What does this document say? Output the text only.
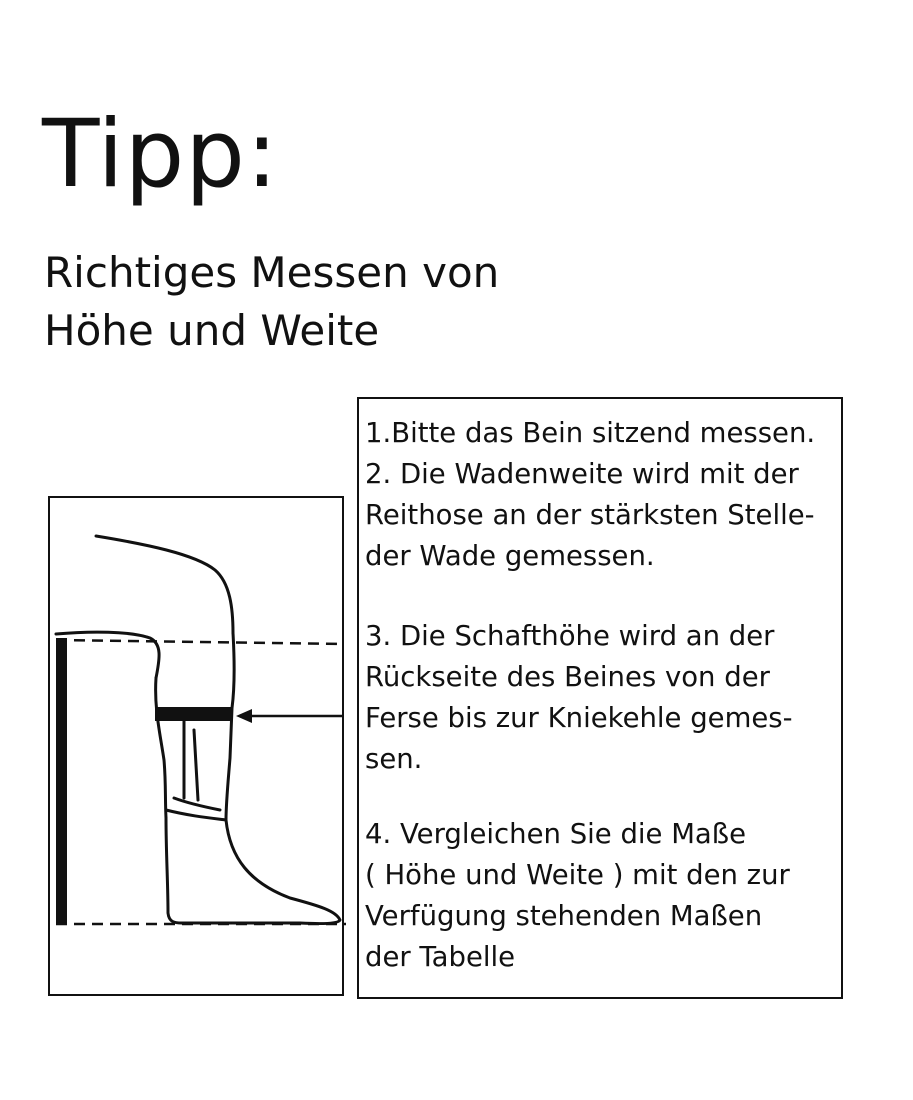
Tipp:
Richtiges Messen von
Höhe und Weite

1.Bitte das Bein sitzend messen.

2. Die Wadenweite wird mit der

Reithose an der stärksten Stelle-

der Wade gemessen.

3. Die Schafthöhe wird an der

Rückseite des Beines von der

Ferse bis zur Kniekehle gemes-

sen.

4. Vergleichen Sie die Maße

( Höhe und Weite ) mit den zur

Verfügung stehenden Maßen

der Tabelle
